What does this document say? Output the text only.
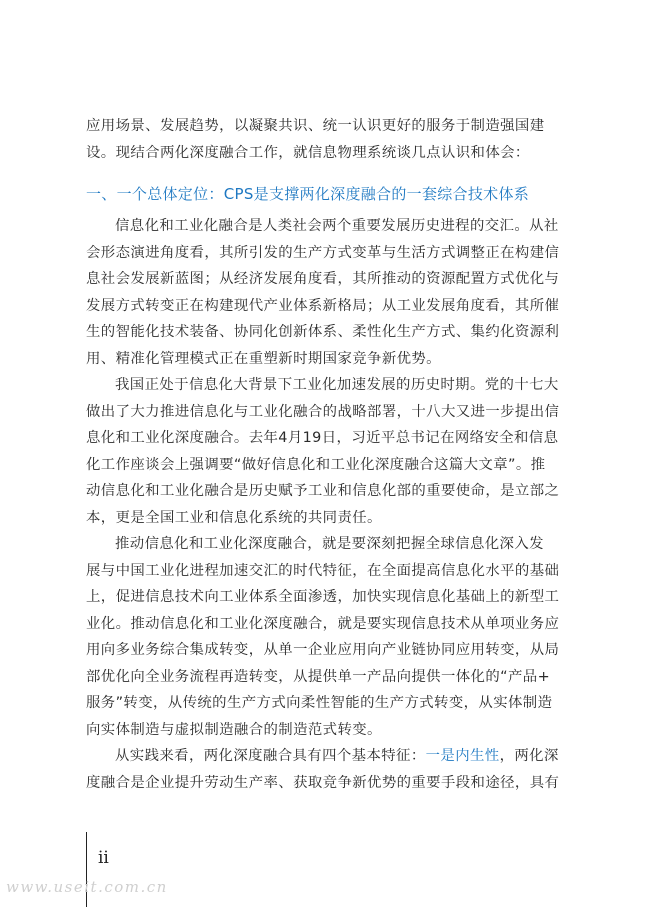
应用场景、发展趋势，以凝聚共识、统一认识更好的服务于制造强国建
设。现结合两化深度融合工作，就信息物理系统谈几点认识和体会：
一、一个总体定位：CPS是支撑两化深度融合的一套综合技术体系
信息化和工业化融合是人类社会两个重要发展历史进程的交汇。从社
会形态演进角度看，其所引发的生产方式变革与生活方式调整正在构建信
息社会发展新蓝图；从经济发展角度看，其所推动的资源配置方式优化与
发展方式转变正在构建现代产业体系新格局；从工业发展角度看，其所催
生的智能化技术装备、协同化创新体系、柔性化生产方式、集约化资源利
用、精准化管理模式正在重塑新时期国家竞争新优势。
我国正处于信息化大背景下工业化加速发展的历史时期。党的十七大
做出了大力推进信息化与工业化融合的战略部署，十八大又进一步提出信
息化和工业化深度融合。去年4月19日，习近平总书记在网络安全和信息
化工作座谈会上强调要“做好信息化和工业化深度融合这篇大文章”。推
动信息化和工业化融合是历史赋予工业和信息化部的重要使命，是立部之
本，更是全国工业和信息化系统的共同责任。
推动信息化和工业化深度融合，就是要深刻把握全球信息化深入发
展与中国工业化进程加速交汇的时代特征，在全面提高信息化水平的基础
上，促进信息技术向工业体系全面渗透，加快实现信息化基础上的新型工
业化。推动信息化和工业化深度融合，就是要实现信息技术从单项业务应
用向多业务综合集成转变，从单一企业应用向产业链协同应用转变，从局
部优化向全业务流程再造转变，从提供单一产品向提供一体化的“产品+
服务”转变，从传统的生产方式向柔性智能的生产方式转变，从实体制造
向实体制造与虚拟制造融合的制造范式转变。
从实践来看，两化深度融合具有四个基本特征：一是内生性，两化深
度融合是企业提升劳动生产率、获取竞争新优势的重要手段和途径，具有
ii
www.useit.com.cn
